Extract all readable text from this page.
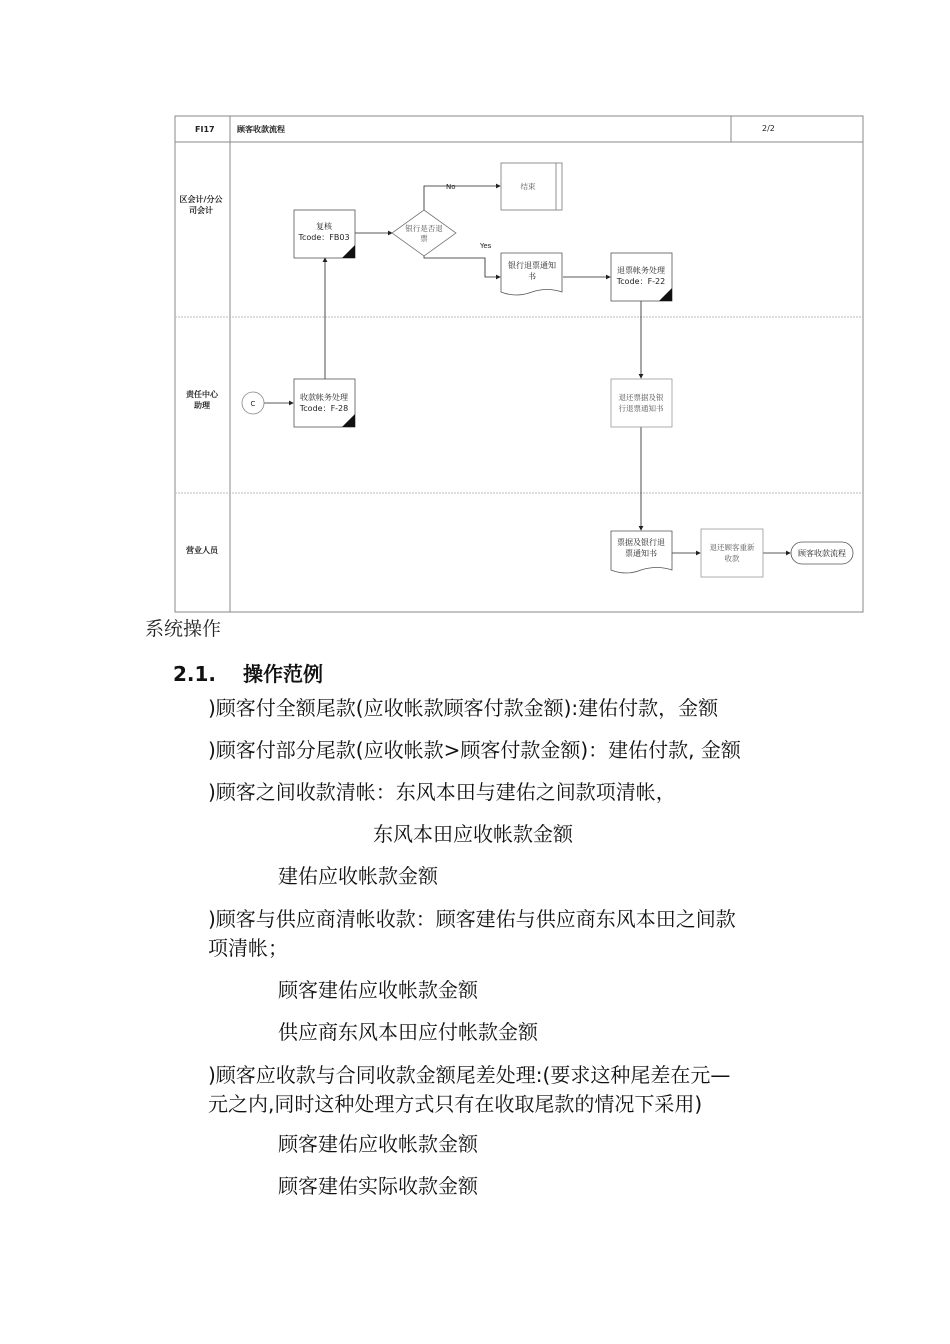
FI17	顾客收款流程	2/2
区会计/分公
司会计
责任中心
助理
营业人员
复核
Tcode：FB03
银行是否退
票
No
Yes
结束
银行退票通知
书
退票帐务处理
Tcode：F-22
C
收款帐务处理
Tcode：F-28
退还票据及银
行退票通知书
票据及银行退
票通知书
退还顾客重新
收款
顾客收款流程
系统操作
2.1. 操作范例
)顾客付全额尾款(应收帐款顾客付款金额):建佑付款，金额
)顾客付部分尾款(应收帐款>顾客付款金额)：建佑付款, 金额
)顾客之间收款清帐：东风本田与建佑之间款项清帐，
东风本田应收帐款金额
建佑应收帐款金额
)顾客与供应商清帐收款：顾客建佑与供应商东风本田之间款
项清帐；
顾客建佑应收帐款金额
供应商东风本田应付帐款金额
)顾客应收款与合同收款金额尾差处理:(要求这种尾差在元—
元之内,同时这种处理方式只有在收取尾款的情况下采用)
顾客建佑应收帐款金额
顾客建佑实际收款金额
